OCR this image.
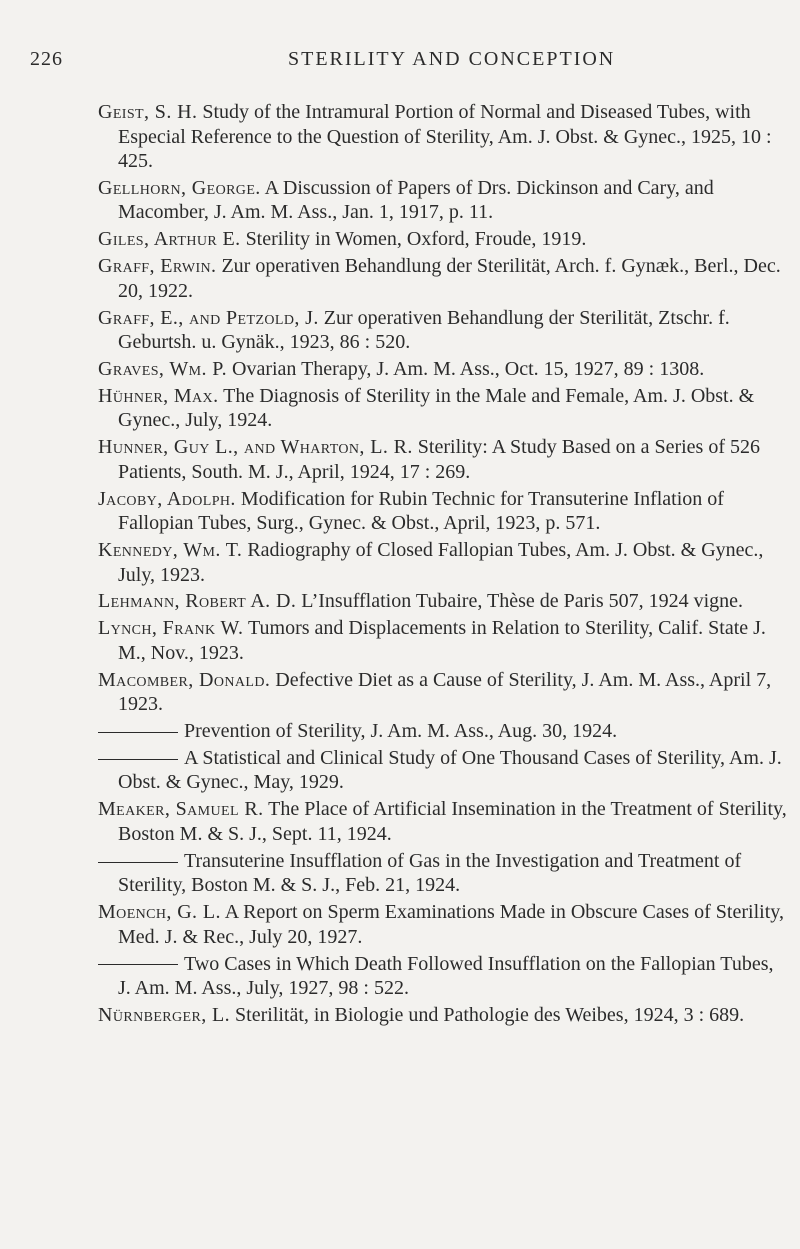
226	STERILITY AND CONCEPTION
Geist, S. H. Study of the Intramural Portion of Normal and Diseased Tubes, with Especial Reference to the Question of Sterility, Am. J. Obst. & Gynec., 1925, 10 : 425.
Gellhorn, George. A Discussion of Papers of Drs. Dickinson and Cary, and Macomber, J. Am. M. Ass., Jan. 1, 1917, p. 11.
Giles, Arthur E. Sterility in Women, Oxford, Froude, 1919.
Graff, Erwin. Zur operativen Behandlung der Sterilität, Arch. f. Gynæk., Berl., Dec. 20, 1922.
Graff, E., and Petzold, J. Zur operativen Behandlung der Sterilität, Ztschr. f. Geburtsh. u. Gynäk., 1923, 86 : 520.
Graves, Wm. P. Ovarian Therapy, J. Am. M. Ass., Oct. 15, 1927, 89 : 1308.
Hühner, Max. The Diagnosis of Sterility in the Male and Female, Am. J. Obst. & Gynec., July, 1924.
Hunner, Guy L., and Wharton, L. R. Sterility: A Study Based on a Series of 526 Patients, South. M. J., April, 1924, 17 : 269.
Jacoby, Adolph. Modification for Rubin Technic for Transuterine Inflation of Fallopian Tubes, Surg., Gynec. & Obst., April, 1923, p. 571.
Kennedy, Wm. T. Radiography of Closed Fallopian Tubes, Am. J. Obst. & Gynec., July, 1923.
Lehmann, Robert A. D. L’Insufflation Tubaire, Thèse de Paris 507, 1924 vigne.
Lynch, Frank W. Tumors and Displacements in Relation to Sterility, Calif. State J. M., Nov., 1923.
Macomber, Donald. Defective Diet as a Cause of Sterility, J. Am. M. Ass., April 7, 1923.
Prevention of Sterility, J. Am. M. Ass., Aug. 30, 1924.
A Statistical and Clinical Study of One Thousand Cases of Sterility, Am. J. Obst. & Gynec., May, 1929.
Meaker, Samuel R. The Place of Artificial Insemination in the Treatment of Sterility, Boston M. & S. J., Sept. 11, 1924.
Transuterine Insufflation of Gas in the Investigation and Treatment of Sterility, Boston M. & S. J., Feb. 21, 1924.
Moench, G. L. A Report on Sperm Examinations Made in Obscure Cases of Sterility, Med. J. & Rec., July 20, 1927.
Two Cases in Which Death Followed Insufflation on the Fallopian Tubes, J. Am. M. Ass., July, 1927, 98 : 522.
Nürnberger, L. Sterilität, in Biologie und Pathologie des Weibes, 1924, 3 : 689.
